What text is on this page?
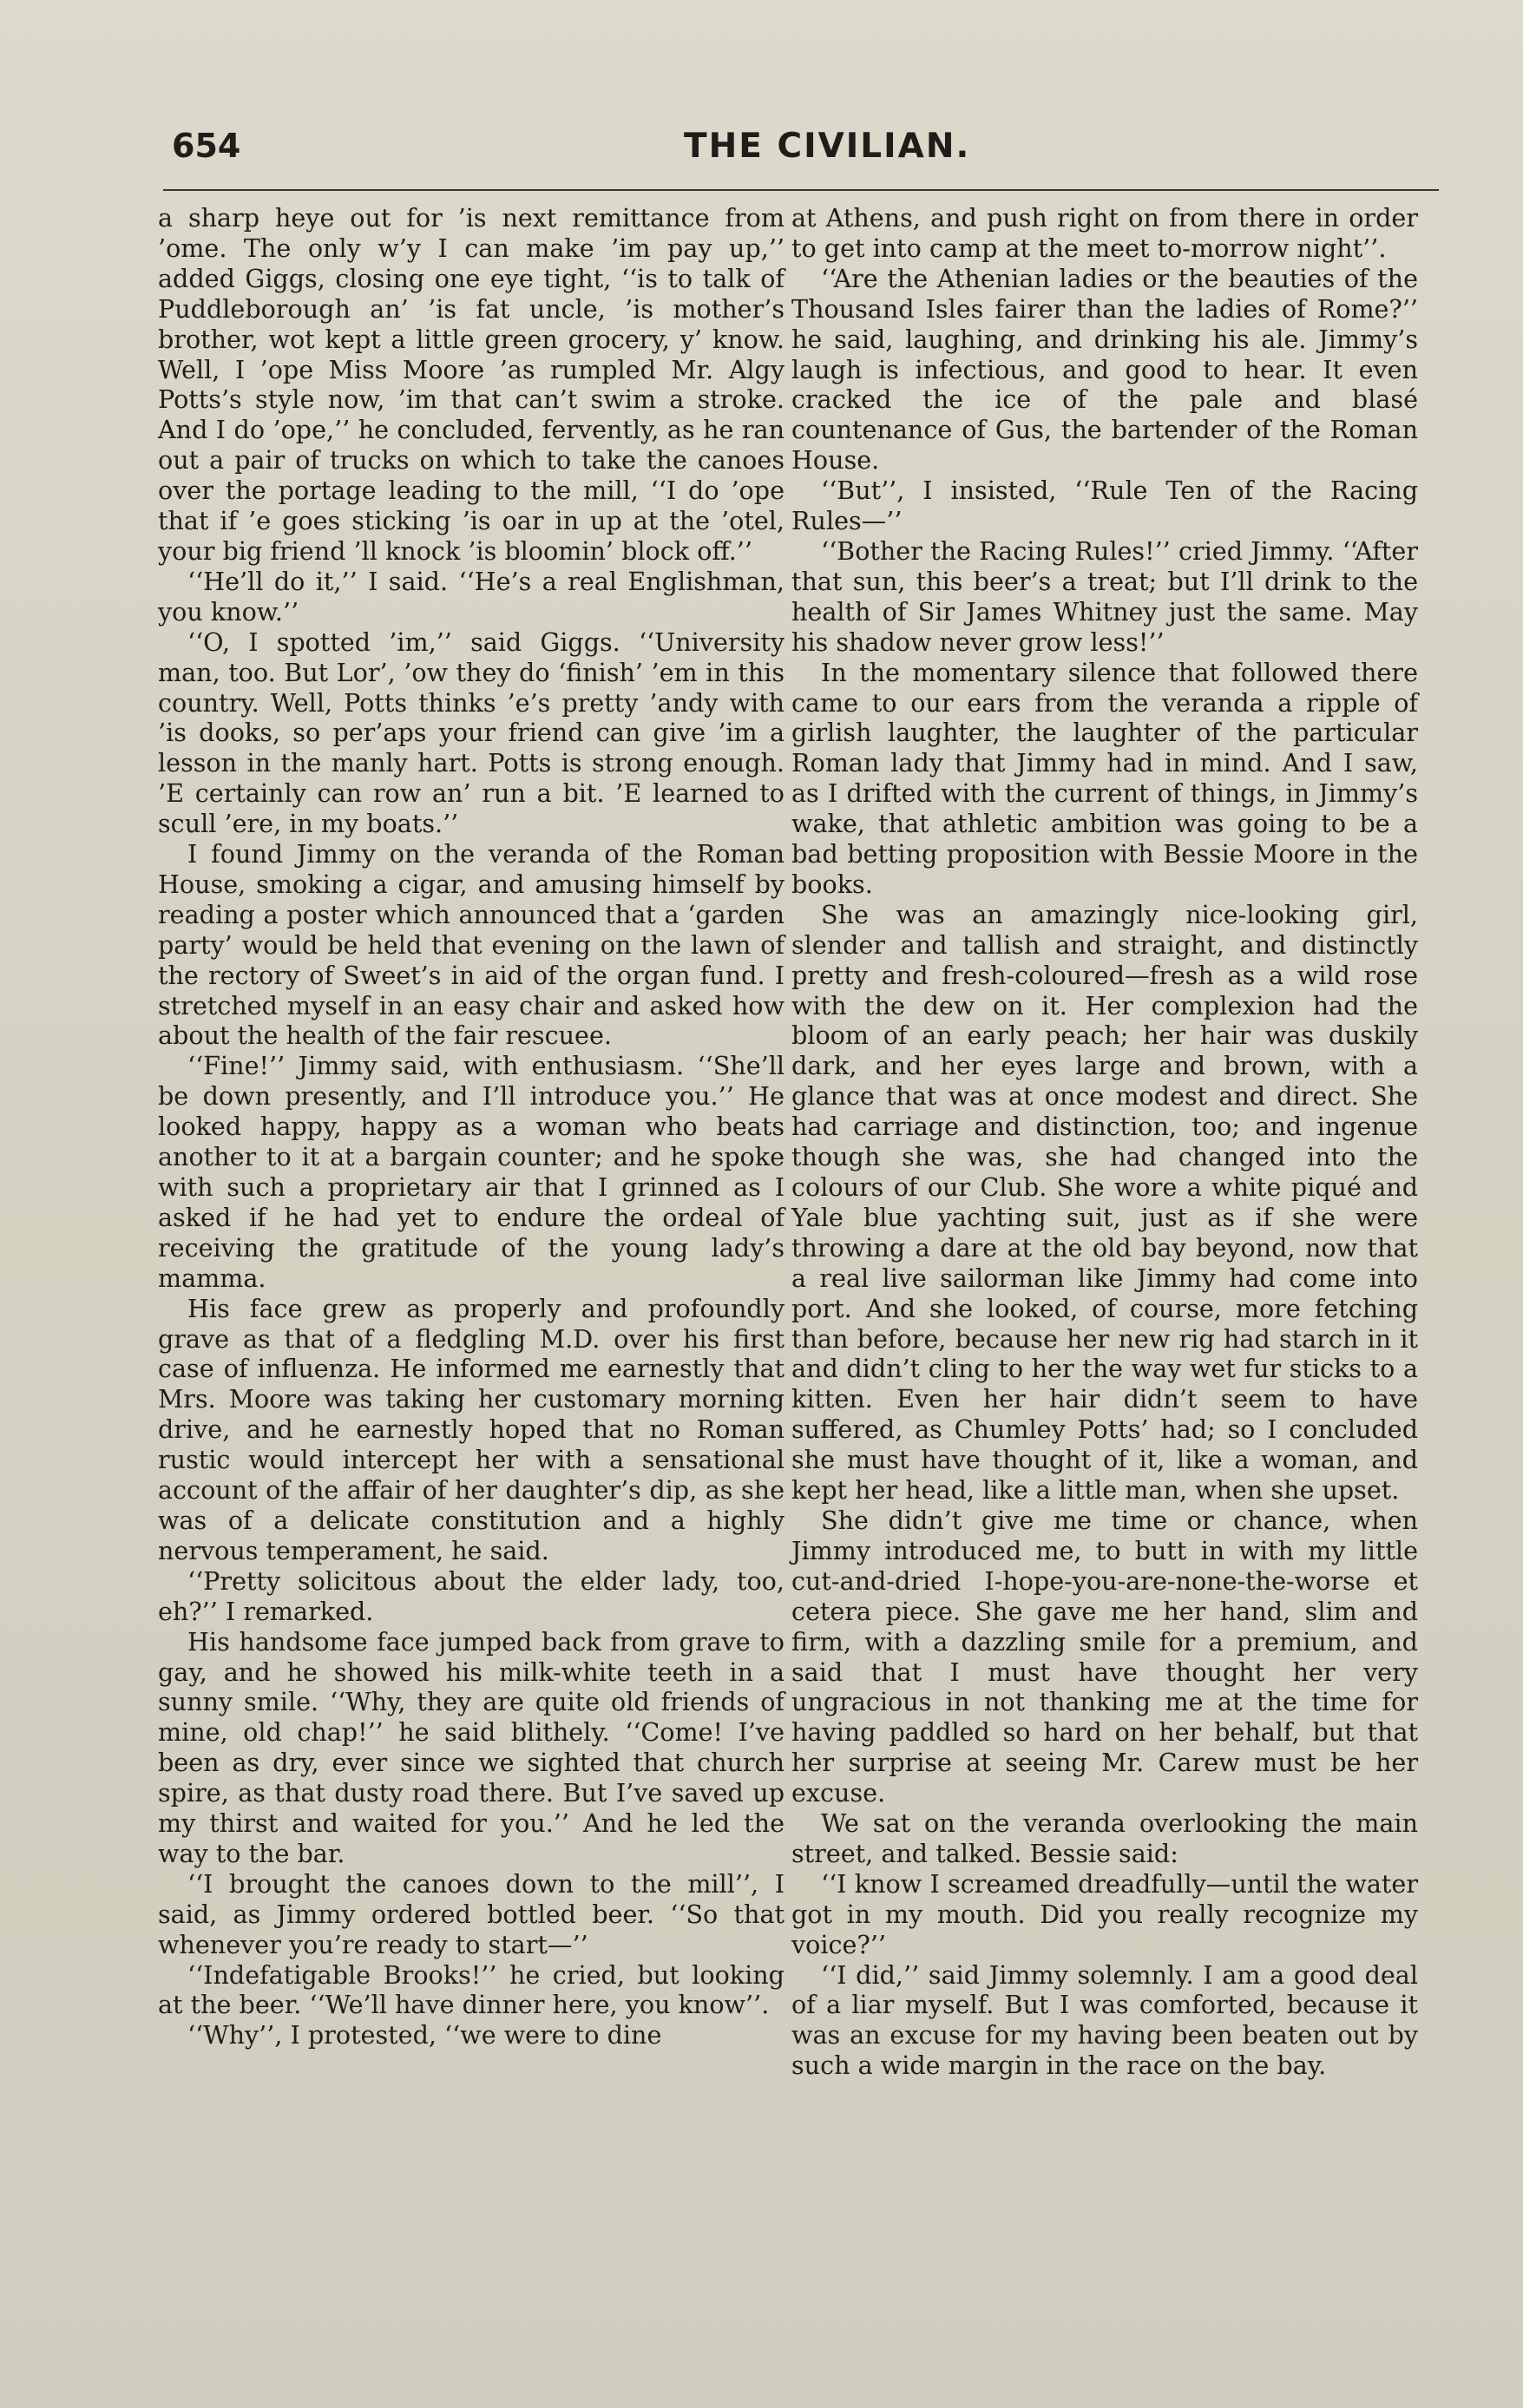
654	THE CIVILIAN.

a sharp heye out for ’is next remittance from ’ome. The only w’y I can make ’im pay up,’’ added Giggs, closing one eye tight, ‘‘is to talk of Puddleborough an’ ’is fat uncle, ’is mother’s brother, wot kept a little green grocery, y’ know. Well, I ’ope Miss Moore ’as rumpled Mr. Algy Potts’s style now, ’im that can’t swim a stroke. And I do ’ope,’’ he concluded, fervently, as he ran out a pair of trucks on which to take the canoes over the portage leading to the mill, ‘‘I do ’ope that if ’e goes sticking ’is oar in up at the ’otel, your big friend ’ll knock ’is bloomin’ block off.’’

‘‘He’ll do it,’’ I said. ‘‘He’s a real Englishman, you know.’’

‘‘O, I spotted ’im,’’ said Giggs. ‘‘University man, too. But Lor’, ’ow they do ‘finish’ ’em in this country. Well, Potts thinks ’e’s pretty ’andy with ’is dooks, so per’aps your friend can give ’im a lesson in the manly hart. Potts is strong enough. ’E certainly can row an’ run a bit. ’E learned to scull ’ere, in my boats.’’

I found Jimmy on the veranda of the Roman House, smoking a cigar, and amusing himself by reading a poster which announced that a ‘garden party’ would be held that evening on the lawn of the rectory of Sweet’s in aid of the organ fund. I stretched myself in an easy chair and asked how about the health of the fair rescuee.

‘‘Fine!’’ Jimmy said, with enthusiasm. ‘‘She’ll be down presently, and I’ll introduce you.’’ He looked happy, happy as a woman who beats another to it at a bargain counter; and he spoke with such a proprietary air that I grinned as I asked if he had yet to endure the ordeal of receiving the gratitude of the young lady’s mamma.

His face grew as properly and profoundly grave as that of a fledgling M.D. over his first case of influenza. He informed me earnestly that Mrs. Moore was taking her customary morning drive, and he earnestly hoped that no Roman rustic would intercept her with a sensational account of the affair of her daughter’s dip, as she was of a delicate constitution and a highly nervous temperament, he said.

‘‘Pretty solicitous about the elder lady, too, eh?’’ I remarked.

His handsome face jumped back from grave to gay, and he showed his milk-white teeth in a sunny smile. ‘‘Why, they are quite old friends of mine, old chap!’’ he said blithely. ‘‘Come! I’ve been as dry, ever since we sighted that church spire, as that dusty road there. But I’ve saved up my thirst and waited for you.’’ And he led the way to the bar.

‘‘I brought the canoes down to the mill’’, I said, as Jimmy ordered bottled beer. ‘‘So that whenever you’re ready to start—’’

‘‘Indefatigable Brooks!’’ he cried, but looking at the beer. ‘‘We’ll have dinner here, you know’’.

‘‘Why’’, I protested, ‘‘we were to dine

at Athens, and push right on from there in order to get into camp at the meet to-morrow night’’.

‘‘Are the Athenian ladies or the beauties of the Thousand Isles fairer than the ladies of Rome?’’ he said, laughing, and drinking his ale. Jimmy’s laugh is infectious, and good to hear. It even cracked the ice of the pale and blasé countenance of Gus, the bartender of the Roman House.

‘‘But’’, I insisted, ‘‘Rule Ten of the Racing Rules—’’

‘‘Bother the Racing Rules!’’ cried Jimmy. ‘‘After that sun, this beer’s a treat; but I’ll drink to the health of Sir James Whitney just the same. May his shadow never grow less!’’

In the momentary silence that followed there came to our ears from the veranda a ripple of girlish laughter, the laughter of the particular Roman lady that Jimmy had in mind. And I saw, as I drifted with the current of things, in Jimmy’s wake, that athletic ambition was going to be a bad betting proposition with Bessie Moore in the books.

She was an amazingly nice-looking girl, slender and tallish and straight, and distinctly pretty and fresh-coloured—fresh as a wild rose with the dew on it. Her complexion had the bloom of an early peach; her hair was duskily dark, and her eyes large and brown, with a glance that was at once modest and direct. She had carriage and distinction, too; and ingenue though she was, she had changed into the colours of our Club. She wore a white piqué and Yale blue yachting suit, just as if she were throwing a dare at the old bay beyond, now that a real live sailorman like Jimmy had come into port. And she looked, of course, more fetching than before, because her new rig had starch in it and didn’t cling to her the way wet fur sticks to a kitten. Even her hair didn’t seem to have suffered, as Chumley Potts’ had; so I concluded she must have thought of it, like a woman, and kept her head, like a little man, when she upset.

She didn’t give me time or chance, when Jimmy introduced me, to butt in with my little cut-and-dried I-hope-you-are-none-the-worse et cetera piece. She gave me her hand, slim and firm, with a dazzling smile for a premium, and said that I must have thought her very ungracious in not thanking me at the time for having paddled so hard on her behalf, but that her surprise at seeing Mr. Carew must be her excuse.

We sat on the veranda overlooking the main street, and talked. Bessie said:

‘‘I know I screamed dreadfully—until the water got in my mouth. Did you really recognize my voice?’’

‘‘I did,’’ said Jimmy solemnly. I am a good deal of a liar myself. But I was comforted, because it was an excuse for my having been beaten out by such a wide margin in the race on the bay.
